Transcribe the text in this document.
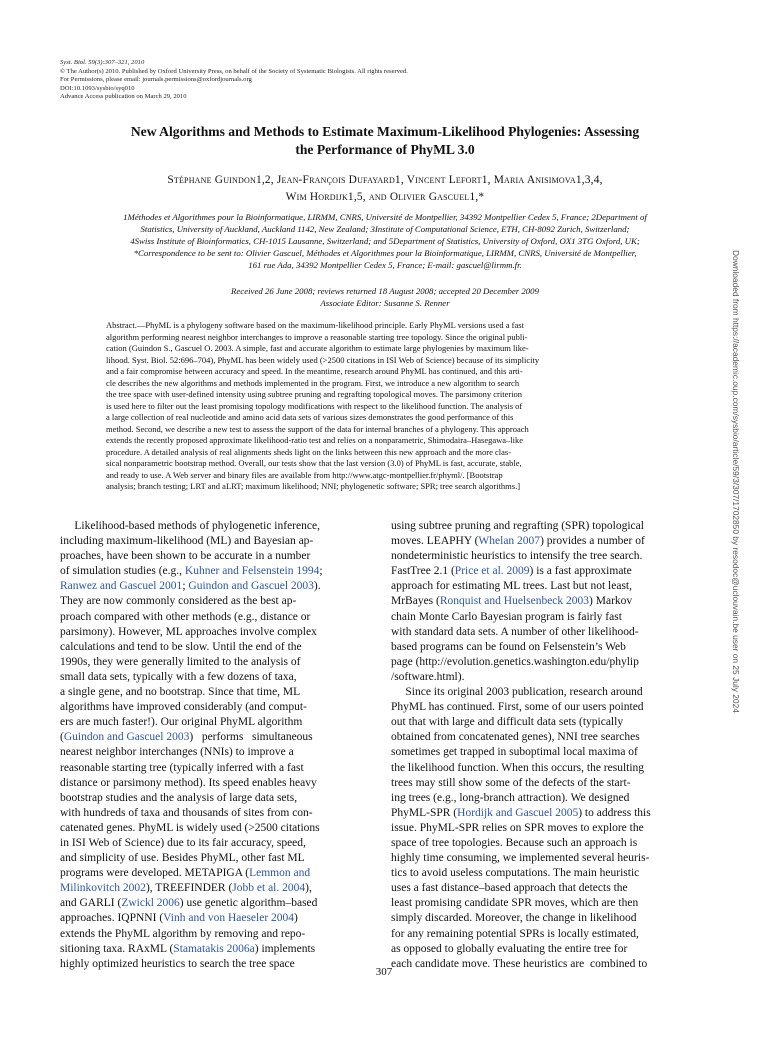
Syst. Biol. 59(3):307–321, 2010
© The Author(s) 2010. Published by Oxford University Press, on behalf of the Society of Systematic Biologists. All rights reserved.
For Permissions, please email: journals.permissions@oxfordjournals.org
DOI:10.1093/sysbio/syq010
Advance Access publication on March 29, 2010
New Algorithms and Methods to Estimate Maximum-Likelihood Phylogenies: Assessing
the Performance of PhyML 3.0
Stéphane Guindon1,2, Jean-François Dufayard1, Vincent Lefort1, Maria Anisimova1,3,4,
Wim Hordijk1,5, and Olivier Gascuel1,*
1Méthodes et Algorithmes pour la Bioinformatique, LIRMM, CNRS, Université de Montpellier, 34392 Montpellier Cedex 5, France; 2Department of
Statistics, University of Auckland, Auckland 1142, New Zealand; 3Institute of Computational Science, ETH, CH-8092 Zurich, Switzerland;
4Swiss Institute of Bioinformatics, CH-1015 Lausanne, Switzerland; and 5Department of Statistics, University of Oxford, OX1 3TG Oxford, UK;
*Correspondence to be sent to: Olivier Gascuel, Méthodes et Algorithmes pour la Bioinformatique, LIRMM, CNRS, Université de Montpellier,
161 rue Ada, 34392 Montpellier Cedex 5, France; E-mail: gascuel@lirmm.fr.
Received 26 June 2008; reviews returned 18 August 2008; accepted 20 December 2009
Associate Editor: Susanne S. Renner
Abstract.—PhyML is a phylogeny software based on the maximum-likelihood principle. Early PhyML versions used a fast
algorithm performing nearest neighbor interchanges to improve a reasonable starting tree topology. Since the original publi-
cation (Guindon S., Gascuel O. 2003. A simple, fast and accurate algorithm to estimate large phylogenies by maximum like-
lihood. Syst. Biol. 52:696–704), PhyML has been widely used (>2500 citations in ISI Web of Science) because of its simplicity
and a fair compromise between accuracy and speed. In the meantime, research around PhyML has continued, and this arti-
cle describes the new algorithms and methods implemented in the program. First, we introduce a new algorithm to search
the tree space with user-defined intensity using subtree pruning and regrafting topological moves. The parsimony criterion
is used here to filter out the least promising topology modifications with respect to the likelihood function. The analysis of
a large collection of real nucleotide and amino acid data sets of various sizes demonstrates the good performance of this
method. Second, we describe a new test to assess the support of the data for internal branches of a phylogeny. This approach
extends the recently proposed approximate likelihood-ratio test and relies on a nonparametric, Shimodaira–Hasegawa–like
procedure. A detailed analysis of real alignments sheds light on the links between this new approach and the more clas-
sical nonparametric bootstrap method. Overall, our tests show that the last version (3.0) of PhyML is fast, accurate, stable,
and ready to use. A Web server and binary files are available from http://www.atgc-montpellier.fr/phyml/. [Bootstrap
analysis; branch testing; LRT and aLRT; maximum likelihood; NNI; phylogenetic software; SPR; tree search algorithms.]
Likelihood-based methods of phylogenetic inference,
including maximum-likelihood (ML) and Bayesian ap-
proaches, have been shown to be accurate in a number
of simulation studies (e.g., Kuhner and Felsenstein 1994;
Ranwez and Gascuel 2001; Guindon and Gascuel 2003).
They are now commonly considered as the best ap-
proach compared with other methods (e.g., distance or
parsimony). However, ML approaches involve complex
calculations and tend to be slow. Until the end of the
1990s, they were generally limited to the analysis of
small data sets, typically with a few dozens of taxa,
a single gene, and no bootstrap. Since that time, ML
algorithms have improved considerably (and comput-
ers are much faster!). Our original PhyML algorithm
(Guindon and Gascuel 2003)   performs   simultaneous
nearest neighbor interchanges (NNIs) to improve a
reasonable starting tree (typically inferred with a fast
distance or parsimony method). Its speed enables heavy
bootstrap studies and the analysis of large data sets,
with hundreds of taxa and thousands of sites from con-
catenated genes. PhyML is widely used (>2500 citations
in ISI Web of Science) due to its fair accuracy, speed,
and simplicity of use. Besides PhyML, other fast ML
programs were developed. METAPIGA (Lemmon and
Milinkovitch 2002), TREEFINDER (Jobb et al. 2004),
and GARLI (Zwickl 2006) use genetic algorithm–based
approaches. IQPNNI (Vinh and von Haeseler 2004)
extends the PhyML algorithm by removing and repo-
sitioning taxa. RAxML (Stamatakis 2006a) implements
highly optimized heuristics to search the tree space
using subtree pruning and regrafting (SPR) topological
moves. LEAPHY (Whelan 2007) provides a number of
nondeterministic heuristics to intensify the tree search.
FastTree 2.1 (Price et al. 2009) is a fast approximate
approach for estimating ML trees. Last but not least,
MrBayes (Ronquist and Huelsenbeck 2003) Markov
chain Monte Carlo Bayesian program is fairly fast
with standard data sets. A number of other likelihood-
based programs can be found on Felsenstein’s Web
page (http://evolution.genetics.washington.edu/phylip
/software.html).
Since its original 2003 publication, research around
PhyML has continued. First, some of our users pointed
out that with large and difficult data sets (typically
obtained from concatenated genes), NNI tree searches
sometimes get trapped in suboptimal local maxima of
the likelihood function. When this occurs, the resulting
trees may still show some of the defects of the start-
ing trees (e.g., long-branch attraction). We designed
PhyML-SPR (Hordijk and Gascuel 2005) to address this
issue. PhyML-SPR relies on SPR moves to explore the
space of tree topologies. Because such an approach is
highly time consuming, we implemented several heuris-
tics to avoid useless computations. The main heuristic
uses a fast distance–based approach that detects the
least promising candidate SPR moves, which are then
simply discarded. Moreover, the change in likelihood
for any remaining potential SPRs is locally estimated,
as opposed to globally evaluating the entire tree for
each candidate move. These heuristics are  combined to
307
Downloaded from https://academic.oup.com/sysbio/article/59/3/307/1702850 by resodoc@uclouvain.be user on 25 July 2024
